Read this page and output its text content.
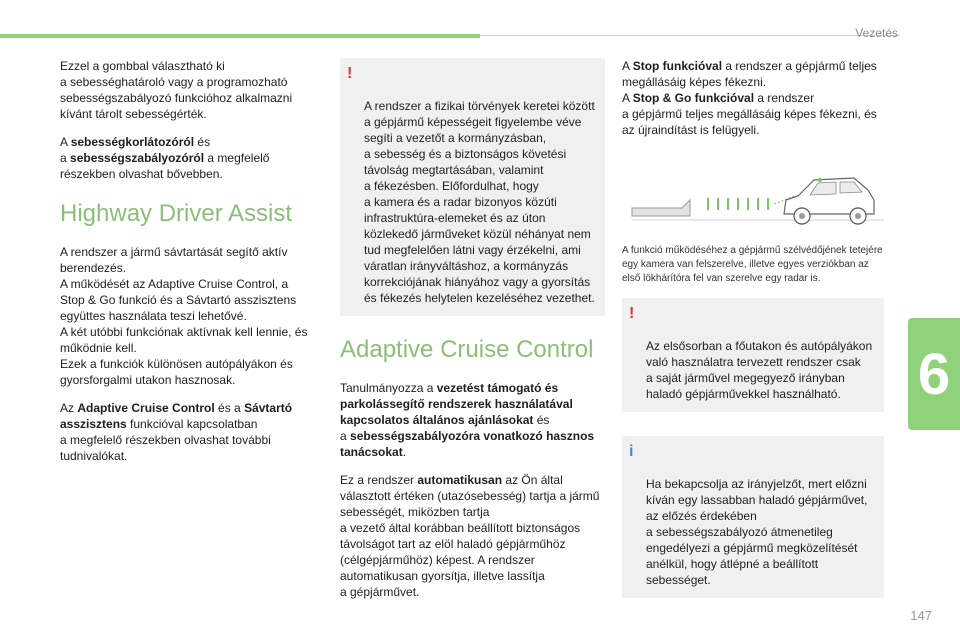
Vezetés
6
147

Ezzel a gombbal választható ki
a sebességhatároló vagy a programozható sebességszabályozó funkcióhoz alkalmazni kívánt tárolt sebességérték.

A sebességkorlátozóról és
a sebességszabályozóról a megfelelő részekben olvashat bővebben.

Highway Driver Assist

A rendszer a jármű sávtartását segítő aktív berendezés.
A működését az Adaptive Cruise Control, a Stop & Go funkció és a Sávtartó asszisztens együttes használata teszi lehetővé.
A két utóbbi funkciónak aktívnak kell lennie, és működnie kell.
Ezek a funkciók különösen autópályákon és gyorsforgalmi utakon hasznosak.

Az Adaptive Cruise Control és a Sávtartó asszisztens funkcióval kapcsolatban
a megfelelő részekben olvashat további tudnivalókat.

!

A rendszer a fizikai törvények keretei között a gépjármű képességeit figyelembe véve segíti a vezetőt a kormányzásban,
a sebesség és a biztonságos követési távolság megtartásában, valamint
a fékezésben. Előfordulhat, hogy
a kamera és a radar bizonyos közúti infrastruktúra-elemeket és az úton közlekedő járműveket közül néhányat nem tud megfelelően látni vagy érzékelni, ami váratlan irányváltáshoz, a kormányzás korrekciójának hiányához vagy a gyorsítás és fékezés helytelen kezeléséhez vezethet.

Adaptive Cruise Control

Tanulmányozza a vezetést támogató és parkolássegítő rendszerek használatával kapcsolatos általános ajánlásokat és
a sebességszabályozóra vonatkozó hasznos tanácsokat.

Ez a rendszer automatikusan az Ön által választott értéken (utazósebesség) tartja a jármű sebességét, miközben tartja
a vezető által korábban beállított biztonságos távolságot tart az elöl haladó gépjárműhöz (célgépjárműhöz) képest. A rendszer automatikusan gyorsítja, illetve lassítja
a gépjárművet.

A Stop funkcióval a rendszer a gépjármű teljes megállásáig képes fékezni.
A Stop & Go funkcióval a rendszer
a gépjármű teljes megállásáig képes fékezni, és az újraindítást is felügyeli.

A funkció működéséhez a gépjármű szélvédőjének tetejére egy kamera van felszerelve, illetve egyes verziókban az első lökhárítóra fel van szerelve egy radar is.

!

Az elsősorban a főutakon és autópályákon való használatra tervezett rendszer csak
a saját járművel megegyező irányban haladó gépjárművekkel használható.

i

Ha bekapcsolja az irányjelzőt, mert előzni kíván egy lassabban haladó gépjárművet, az előzés érdekében
a sebességszabályozó átmenetileg engedélyezi a gépjármű megközelítését anélkül, hogy átlépné a beállított sebességet.
